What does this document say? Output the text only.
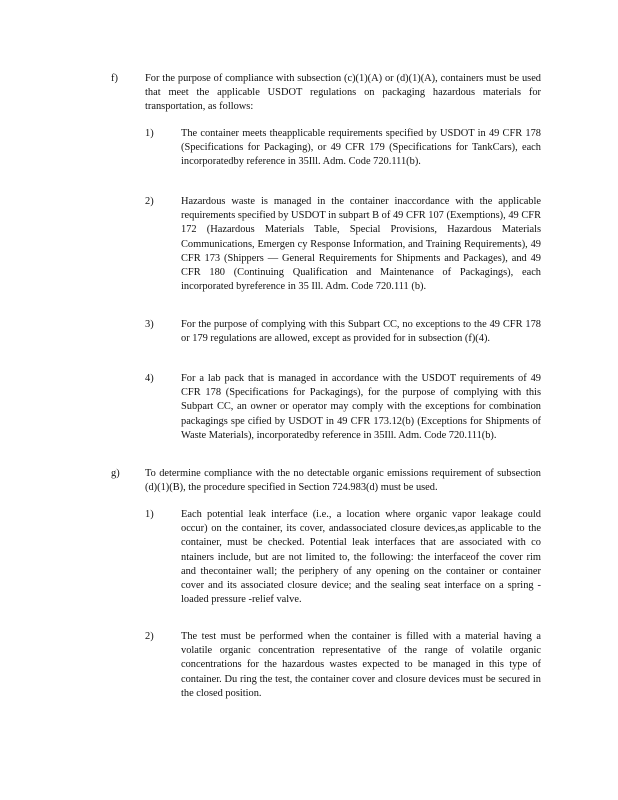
f)	For the purpose of compliance with subsection (c)(1)(A) or (d)(1)(A), containers must be used that meet the applicable USDOT regulations on packaging hazardous materials for transportation, as follows:

1)	The container meets theapplicable requirements specified by USDOT in 49 CFR 178 (Specifications for Packaging), or 49 CFR 179 (Specifications for TankCars), each incorporatedby reference in 35Ill. Adm. Code 720.111(b).

2)	Hazardous waste is managed in the container inaccordance with the applicable requirements specified by USDOT in subpart B of 49 CFR 107 (Exemptions), 49 CFR 172 (Hazardous Materials Table, Special Provisions, Hazardous Materials Communications, Emergen cy Response Information, and Training Requirements), 49 CFR 173 (Shippers — General Requirements for Shipments and Packages), and 49 CFR 180 (Continuing Qualification and Maintenance of Packagings), each incorporated byreference in 35 Ill. Adm. Code 720.111 (b).

3)	For the purpose of complying with this Subpart CC, no exceptions to the 49 CFR 178 or 179 regulations are allowed, except as provided for in subsection (f)(4).

4)	For a lab pack that is managed in accordance with the USDOT requirements of 49 CFR 178 (Specifications for Packagings), for the purpose of complying with this Subpart CC, an owner or operator may comply with the exceptions for combination packagings spe cified by USDOT in 49 CFR 173.12(b) (Exceptions for Shipments of Waste Materials), incorporatedby reference in 35Ill. Adm. Code 720.111(b).

g)	To determine compliance with the no detectable organic emissions requirement of subsection (d)(1)(B), the procedure specified in Section 724.983(d) must be used.

1)	Each potential leak interface (i.e., a location where organic vapor leakage could occur) on the container, its cover, andassociated closure devices,as applicable to the container, must be checked. Potential leak interfaces that are associated with co ntainers include, but are not limited to, the following: the interfaceof the cover rim and thecontainer wall; the periphery of any opening on the container or container cover and its associated closure device; and the sealing seat interface on a spring - loaded pressure -relief valve.

2)	The test must be performed when the container is filled with a material having a volatile organic concentration representative of the range of volatile organic concentrations for the hazardous wastes expected to be managed in this type of container. Du ring the test, the container cover and closure devices must be secured in the closed position.
